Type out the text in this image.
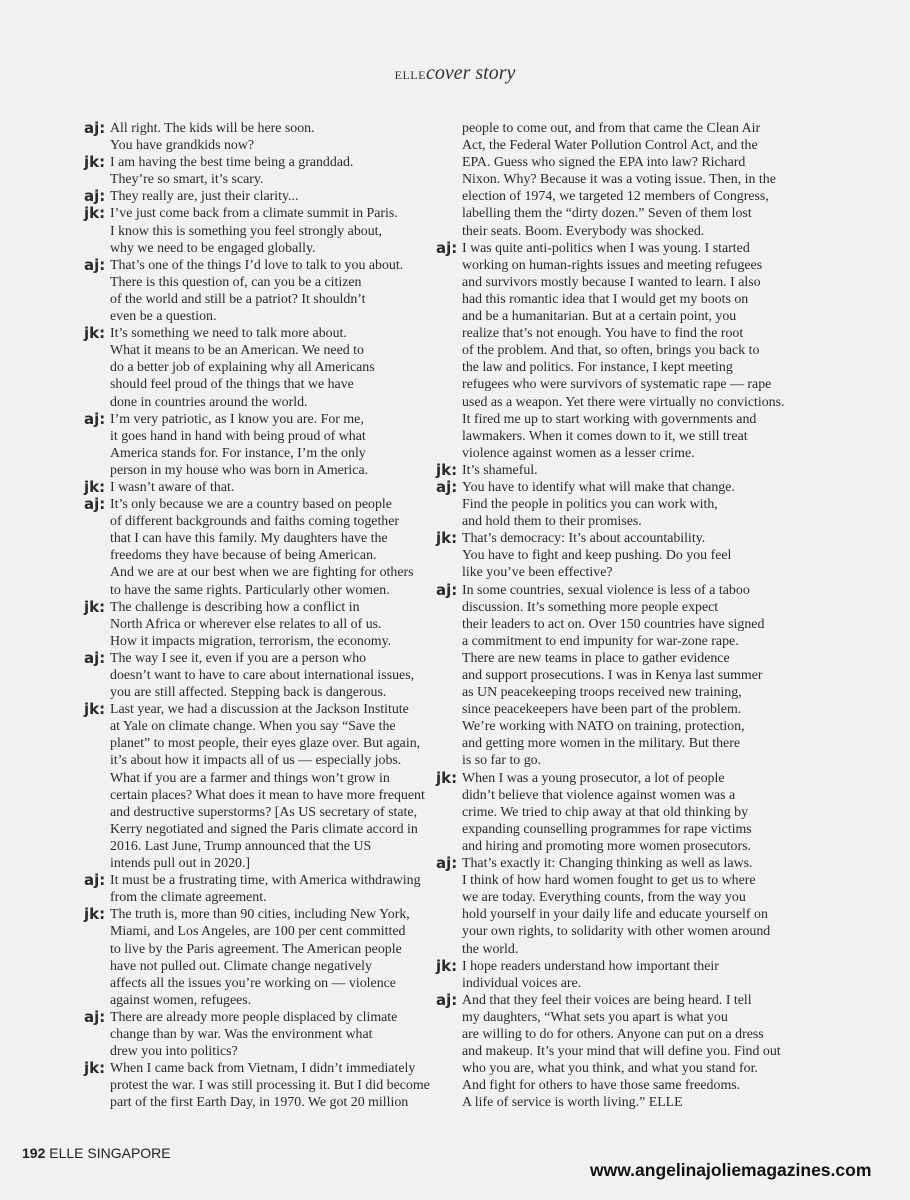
ELLEcover story
aj: All right. The kids will be here soon.
You have grandkids now?
jk: I am having the best time being a granddad.
They’re so smart, it’s scary.
aj: They really are, just their clarity...
jk: I’ve just come back from a climate summit in Paris.
I know this is something you feel strongly about,
why we need to be engaged globally.
aj: That’s one of the things I’d love to talk to you about.
There is this question of, can you be a citizen
of the world and still be a patriot? It shouldn’t
even be a question.
jk: It’s something we need to talk more about.
What it means to be an American. We need to
do a better job of explaining why all Americans
should feel proud of the things that we have
done in countries around the world.
aj: I’m very patriotic, as I know you are. For me,
it goes hand in hand with being proud of what
America stands for. For instance, I’m the only
person in my house who was born in America.
jk: I wasn’t aware of that.
aj: It’s only because we are a country based on people
of different backgrounds and faiths coming together
that I can have this family. My daughters have the
freedoms they have because of being American.
And we are at our best when we are fighting for others
to have the same rights. Particularly other women.
jk: The challenge is describing how a conflict in
North Africa or wherever else relates to all of us.
How it impacts migration, terrorism, the economy.
aj: The way I see it, even if you are a person who
doesn’t want to have to care about international issues,
you are still affected. Stepping back is dangerous.
jk: Last year, we had a discussion at the Jackson Institute
at Yale on climate change. When you say “Save the
planet” to most people, their eyes glaze over. But again,
it’s about how it impacts all of us — especially jobs.
What if you are a farmer and things won’t grow in
certain places? What does it mean to have more frequent
and destructive superstorms? [As US secretary of state,
Kerry negotiated and signed the Paris climate accord in
2016. Last June, Trump announced that the US
intends pull out in 2020.]
aj: It must be a frustrating time, with America withdrawing
from the climate agreement.
jk: The truth is, more than 90 cities, including New York,
Miami, and Los Angeles, are 100 per cent committed
to live by the Paris agreement. The American people
have not pulled out. Climate change negatively
affects all the issues you’re working on — violence
against women, refugees.
aj: There are already more people displaced by climate
change than by war. Was the environment what
drew you into politics?
jk: When I came back from Vietnam, I didn’t immediately
protest the war. I was still processing it. But I did become
part of the first Earth Day, in 1970. We got 20 million
people to come out, and from that came the Clean Air
Act, the Federal Water Pollution Control Act, and the
EPA. Guess who signed the EPA into law? Richard
Nixon. Why? Because it was a voting issue. Then, in the
election of 1974, we targeted 12 members of Congress,
labelling them the “dirty dozen.” Seven of them lost
their seats. Boom. Everybody was shocked.
aj: I was quite anti-politics when I was young. I started
working on human-rights issues and meeting refugees
and survivors mostly because I wanted to learn. I also
had this romantic idea that I would get my boots on
and be a humanitarian. But at a certain point, you
realize that’s not enough. You have to find the root
of the problem. And that, so often, brings you back to
the law and politics. For instance, I kept meeting
refugees who were survivors of systematic rape — rape
used as a weapon. Yet there were virtually no convictions.
It fired me up to start working with governments and
lawmakers. When it comes down to it, we still treat
violence against women as a lesser crime.
jk: It’s shameful.
aj: You have to identify what will make that change.
Find the people in politics you can work with,
and hold them to their promises.
jk: That’s democracy: It’s about accountability.
You have to fight and keep pushing. Do you feel
like you’ve been effective?
aj: In some countries, sexual violence is less of a taboo
discussion. It’s something more people expect
their leaders to act on. Over 150 countries have signed
a commitment to end impunity for war-zone rape.
There are new teams in place to gather evidence
and support prosecutions. I was in Kenya last summer
as UN peacekeeping troops received new training,
since peacekeepers have been part of the problem.
We’re working with NATO on training, protection,
and getting more women in the military. But there
is so far to go.
jk: When I was a young prosecutor, a lot of people
didn’t believe that violence against women was a
crime. We tried to chip away at that old thinking by
expanding counselling programmes for rape victims
and hiring and promoting more women prosecutors.
aj: That’s exactly it: Changing thinking as well as laws.
I think of how hard women fought to get us to where
we are today. Everything counts, from the way you
hold yourself in your daily life and educate yourself on
your own rights, to solidarity with other women around
the world.
jk: I hope readers understand how important their
individual voices are.
aj: And that they feel their voices are being heard. I tell
my daughters, “What sets you apart is what you
are willing to do for others. Anyone can put on a dress
and makeup. It’s your mind that will define you. Find out
who you are, what you think, and what you stand for.
And fight for others to have those same freedoms.
A life of service is worth living.” ELLE
192 ELLE SINGAPORE
www.angelinajoliemagazines.com
